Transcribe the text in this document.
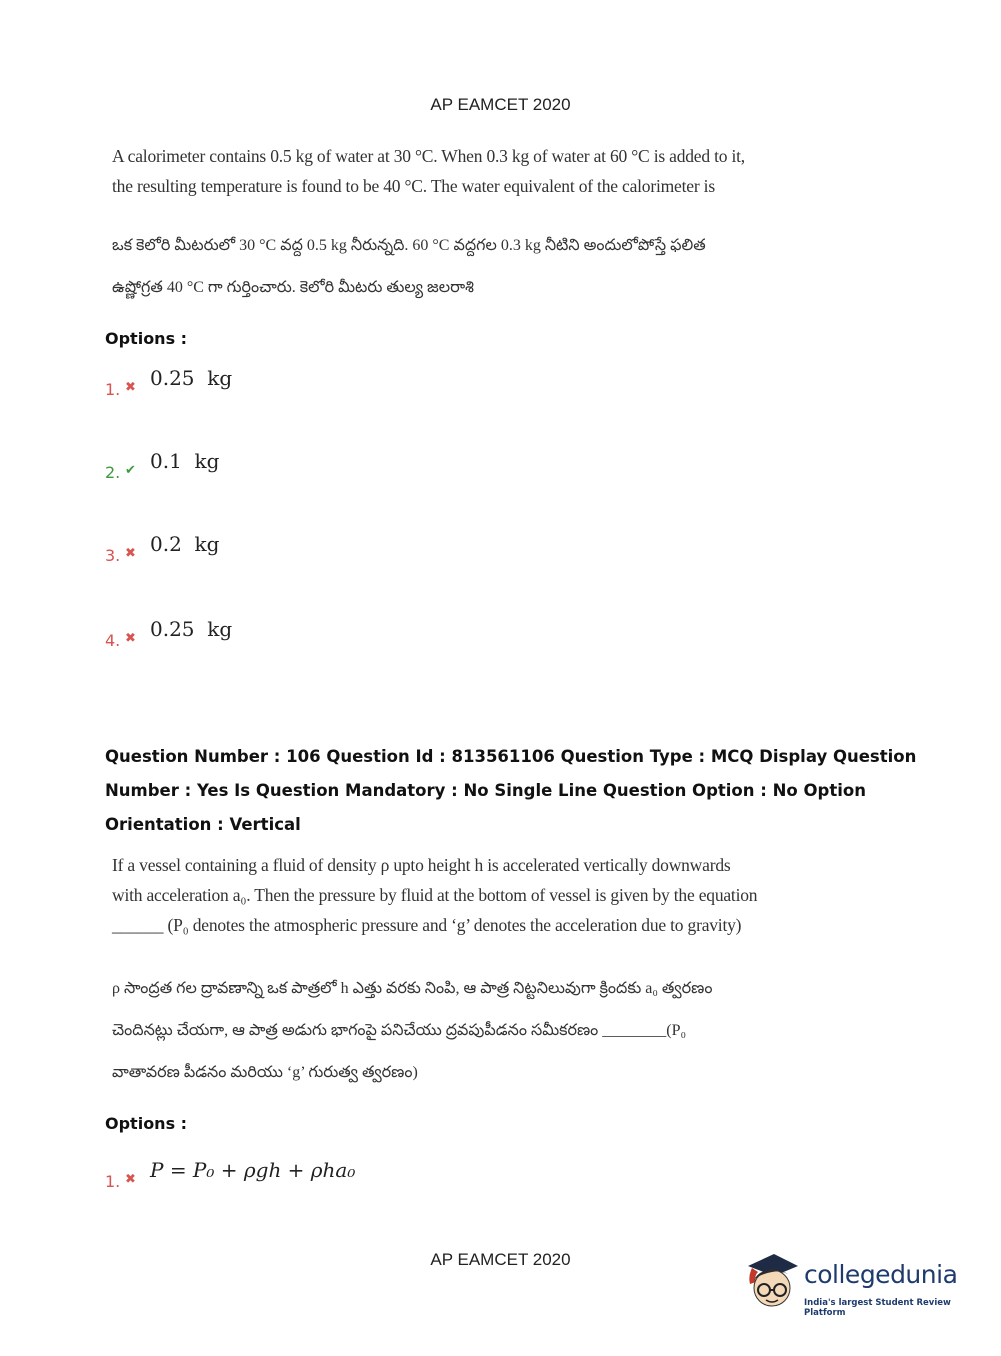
AP EAMCET 2020
A calorimeter contains 0.5 kg of water at 30 °C. When 0.3 kg of water at 60 °C is added to it,
the resulting temperature is found to be 40 °C. The water equivalent of the calorimeter is
ఒక కెలోరి మీటరులో 30 °C వద్ద 0.5 kg నీరున్నది. 60 °C వద్దగల 0.3 kg నీటిని అందులోపోస్తే ఫలిత
ఉష్ణోగ్రత 40 °C గా గుర్తించారు. కెలోరి మీటరు తుల్య జలరాశి
Options :
1. ✖ 0.25  kg
2. ✔ 0.1  kg
3. ✖ 0.2  kg
4. ✖ 0.25  kg
Question Number : 106 Question Id : 813561106 Question Type : MCQ Display Question
Number : Yes Is Question Mandatory : No Single Line Question Option : No Option
Orientation : Vertical
If a vessel containing a fluid of density ρ upto height h is accelerated vertically downwards
with acceleration a₀. Then the pressure by fluid at the bottom of vessel is given by the equation
______ (P₀ denotes the atmospheric pressure and ‘g’ denotes the acceleration due to gravity)
ρ సాంద్రత గల ద్రావణాన్ని ఒక పాత్రలో h ఎత్తు వరకు నింపి, ఆ పాత్ర నిట్టనిలువుగా క్రిందకు a₀ త్వరణం
చెందినట్లు చేయగా, ఆ పాత్ర అడుగు భాగంపై పనిచేయు ద్రవపుపీడనం సమీకరణం ________(P₀
వాతావరణ పీడనం మరియు ‘g’ గురుత్వ త్వరణం)
Options :
1. ✖ P = P₀ + ρgh + ρha₀
AP EAMCET 2020
collegedunia
India's largest Student Review Platform
